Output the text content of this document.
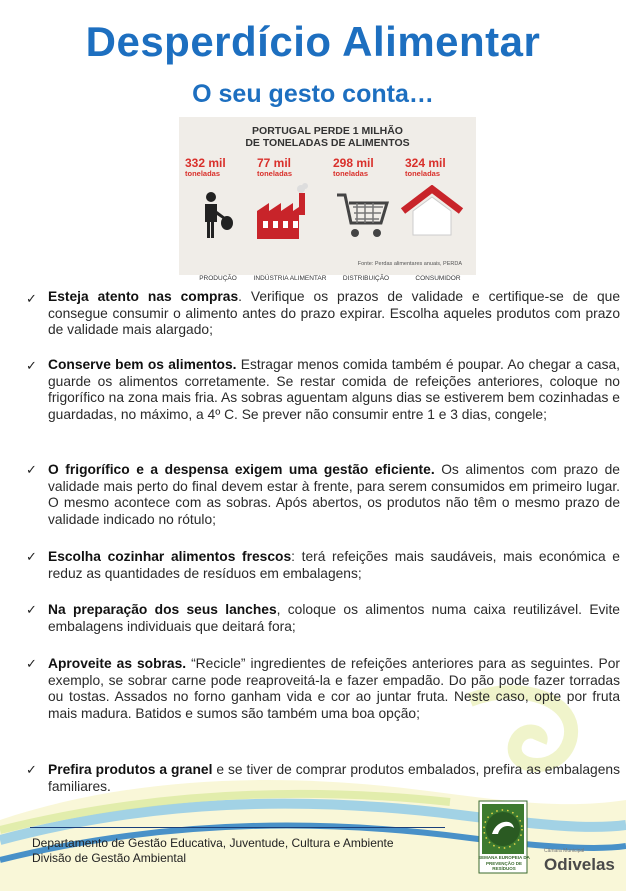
Desperdício Alimentar
O seu gesto conta…
PORTUGAL PERDE 1 MILHÃO
DE TONELADAS DE ALIMENTOS
332 mil
toneladas
PRODUÇÃO
77 mil
toneladas
INDÚSTRIA ALIMENTAR
298 mil
toneladas
DISTRIBUIÇÃO
324 mil
toneladas
CONSUMIDOR
Fonte: Perdas alimentares anuais, PERDA
✓ Esteja atento nas compras. Verifique os prazos de validade e certifique-se de que consegue consumir o alimento antes do prazo expirar. Escolha aqueles produtos com prazo de validade mais alargado;
✓ Conserve bem os alimentos. Estragar menos comida também é poupar. Ao chegar a casa, guarde os alimentos corretamente. Se restar comida de refeições anteriores, coloque no frigorífico na zona mais fria. As sobras aguentam alguns dias se estiverem bem cozinhadas e guardadas, no máximo, a 4º C. Se prever não consumir entre 1 e 3 dias, congele;
✓ O frigorífico e a despensa exigem uma gestão eficiente. Os alimentos com prazo de validade mais perto do final devem estar à frente, para serem consumidos em primeiro lugar. O mesmo acontece com as sobras. Após abertos, os produtos não têm o mesmo prazo de validade indicado no rótulo;
✓ Escolha cozinhar alimentos frescos: terá refeições mais saudáveis, mais económica e reduz as quantidades de resíduos em embalagens;
✓ Na preparação dos seus lanches, coloque os alimentos numa caixa reutilizável. Evite embalagens individuais que deitará fora;
✓ Aproveite as sobras. “Recicle” ingredientes de refeições anteriores para as seguintes. Por exemplo, se sobrar carne pode reaproveitá-la e fazer empadão. Do pão pode fazer torradas ou tostas. Assados no forno ganham vida e cor ao juntar fruta. Neste caso, opte por fruta mais madura. Batidos e sumos são também uma boa opção;
✓ Prefira produtos a granel e se tiver de comprar produtos embalados, prefira as embalagens familiares.
Departamento de Gestão Educativa, Juventude, Cultura e Ambiente
Divisão de Gestão Ambiental	SEMANA EUROPEIA DA PREVENÇÃO DE RESÍDUOS
Câmara Municipal
Odivelas
